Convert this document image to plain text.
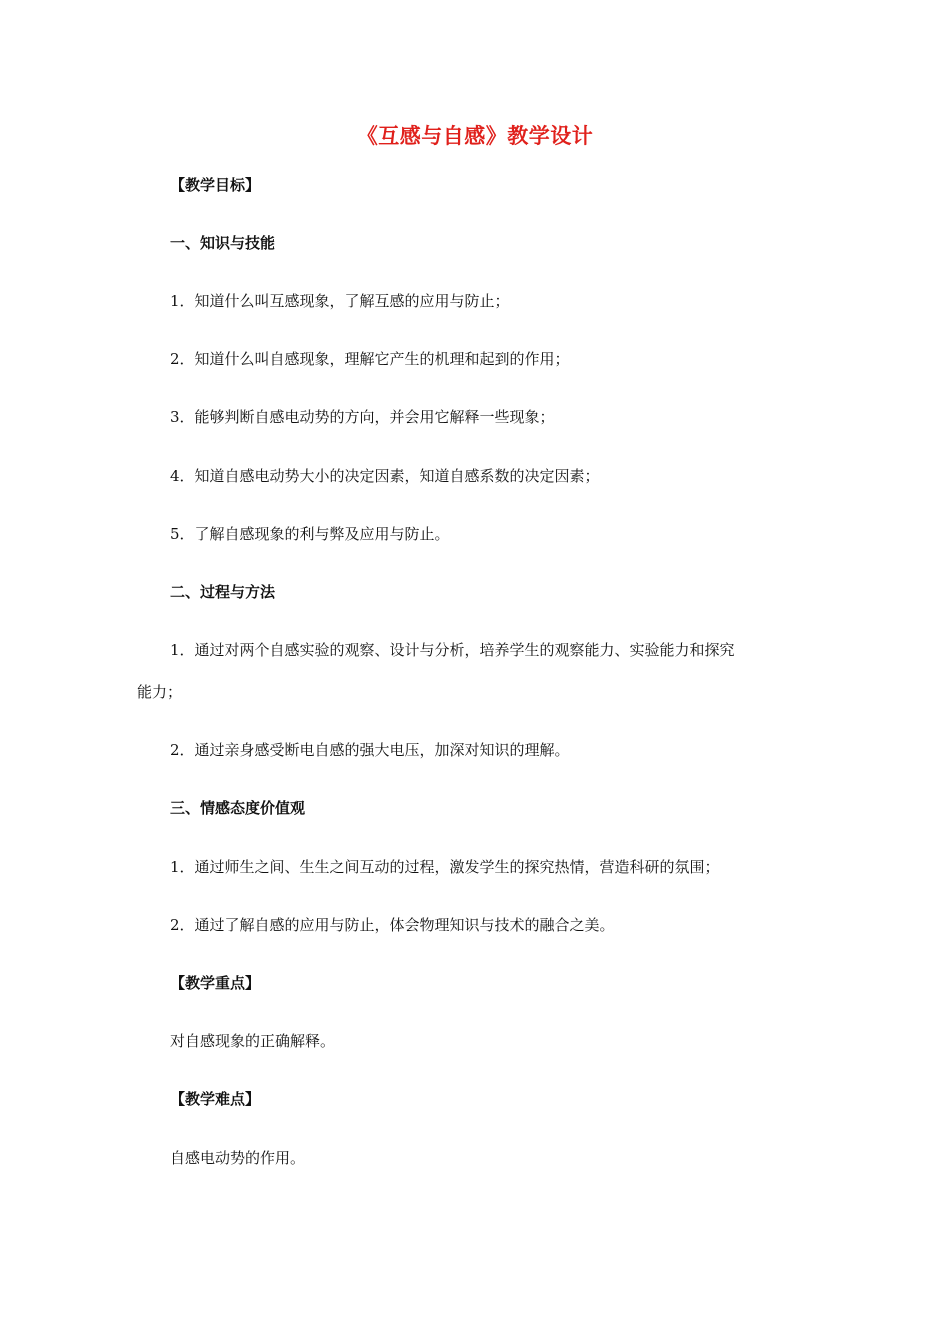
《互感与自感》教学设计
【教学目标】
一、知识与技能
1．知道什么叫互感现象，了解互感的应用与防止；
2．知道什么叫自感现象，理解它产生的机理和起到的作用；
3．能够判断自感电动势的方向，并会用它解释一些现象；
4．知道自感电动势大小的决定因素，知道自感系数的决定因素；
5．了解自感现象的利与弊及应用与防止。
二、过程与方法
1．通过对两个自感实验的观察、设计与分析，培养学生的观察能力、实验能力和探究
能力；
2．通过亲身感受断电自感的强大电压，加深对知识的理解。
三、情感态度价值观
1．通过师生之间、生生之间互动的过程，激发学生的探究热情，营造科研的氛围；
2．通过了解自感的应用与防止，体会物理知识与技术的融合之美。
【教学重点】
对自感现象的正确解释。
【教学难点】
自感电动势的作用。
